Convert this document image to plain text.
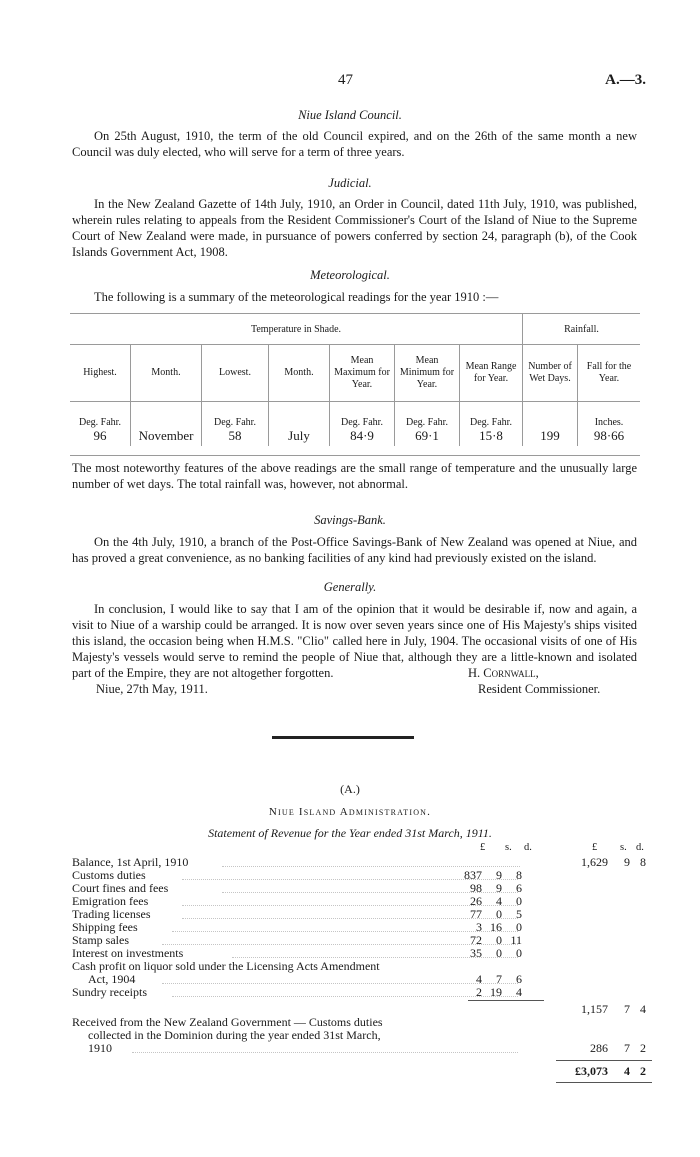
47	A.—3.
Niue Island Council.

On 25th August, 1910, the term of the old Council expired, and on the 26th of the same month a new Council was duly elected, who will serve for a term of three years.

Judicial.

In the New Zealand Gazette of 14th July, 1910, an Order in Council, dated 11th July, 1910, was published, wherein rules relating to appeals from the Resident Commissioner's Court of the Island of Niue to the Supreme Court of New Zealand were made, in pursuance of powers conferred by section 24, paragraph (b), of the Cook Islands Government Act, 1908.

Meteorological.

The following is a summary of the meteorological readings for the year 1910 :—

Temperature in Shade.							Rainfall.	
Highest.	Month.	Lowest.	Month.	Mean Maximum for Year.	Mean Minimum for Year.	Mean Range for Year.	Number of Wet Days.	Fall for the Year.
Deg. Fahr.		Deg. Fahr.		Deg. Fahr.	Deg. Fahr.	Deg. Fahr.		Inches.
96	November	58	July	84·9	69·1	15·8	199	98·66

The most noteworthy features of the above readings are the small range of temperature and the unusually large number of wet days. The total rainfall was, however, not abnormal.

Savings-Bank.

On the 4th July, 1910, a branch of the Post-Office Savings-Bank of New Zealand was opened at Niue, and has proved a great convenience, as no banking facilities of any kind had previously existed on the island.

Generally.

In conclusion, I would like to say that I am of the opinion that it would be desirable if, now and again, a visit to Niue of a warship could be arranged. It is now over seven years since one of His Majesty's ships visited this island, the occasion being when H.M.S. "Clio" called here in July, 1904. The occasional visits of one of His Majesty's vessels would serve to remind the people of Niue that, although they are a little-known and isolated part of the Empire, they are not altogether forgotten.	H. Cornwall,
Niue, 27th May, 1911.	Resident Commissioner.
(A.)
Niue Island Administration.
Statement of Revenue for the Year ended 31st March, 1911.
£ s. d.	£ s. d.
Balance, 1st April, 1910	1,629	9 8
Customs duties	837	9	8
Court fines and fees	98	9	6
Emigration fees	26	4	0
Trading licenses	77	0	5
Shipping fees	3 16	0
Stamp sales	72	0 11
Interest on investments	35	0	0
Cash profit on liquor sold under the Licensing Acts Amendment
Act, 1904	4	7	6
Sundry receipts	2 19	4
1,157	7 4
Received from the New Zealand Government — Customs duties
collected in the Dominion during the year ended 31st March,
1910	286	7 2
£3,073	4 2
